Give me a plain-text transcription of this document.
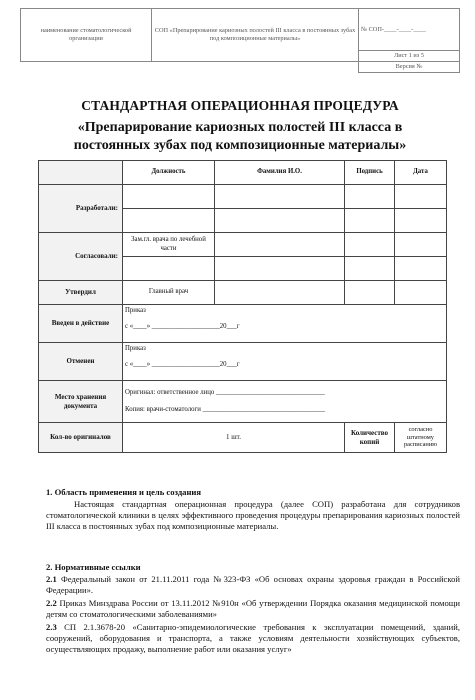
наименование стоматологической организации	СОП «Препарирование кариозных полостей III класса в постоянных зубах под композиционные материалы»	№ СОП-____-____-____
		Лист 1 из 5
		Версия №
СТАНДАРТНАЯ ОПЕРАЦИОННАЯ ПРОЦЕДУРА
«Препарирование кариозных полостей III класса в
постоянных зубах под композиционные материалы»
	Должность	Фамилия И.О.	Подпись	Дата
Разработали:				

Согласовали:	Зам.гл. врача по лечебной части			

Утвердил	Главный врач			
Введен в действие	Приказ
с «____» ____________________20___г			

Отменен	Приказ
с «____» ____________________20___г			

Место хранения документа	Оригинал: ответственное лицо ________________________________
Копия: врачи-стоматологи ____________________________________			

Кол-во оригиналов	1 шт.		Количество копий	согласно штатному расписанию
1. Область применения и цель создания
Настоящая стандартная операционная процедура (далее СОП) разработана для сотрудников стоматологической клиники в целях эффективного проведения процедуры препарирования кариозных полостей III класса в постоянных зубах под композиционные материалы.
2. Нормативные ссылки
2.1 Федеральный закон от 21.11.2011 года №323-ФЗ «Об основах охраны здоровья граждан в Российской Федерации».
2.2 Приказ Минздрава России от 13.11.2012 №910н «Об утверждении Порядка оказания медицинской помощи детям со стоматологическими заболеваниями»
2.3 СП 2.1.3678-20 «Санитарно-эпидемиологические требования к эксплуатации помещений, зданий, сооружений, оборудования и транспорта, а также условиям деятельности хозяйствующих субъектов, осуществляющих продажу, выполнение работ или оказания услуг»
